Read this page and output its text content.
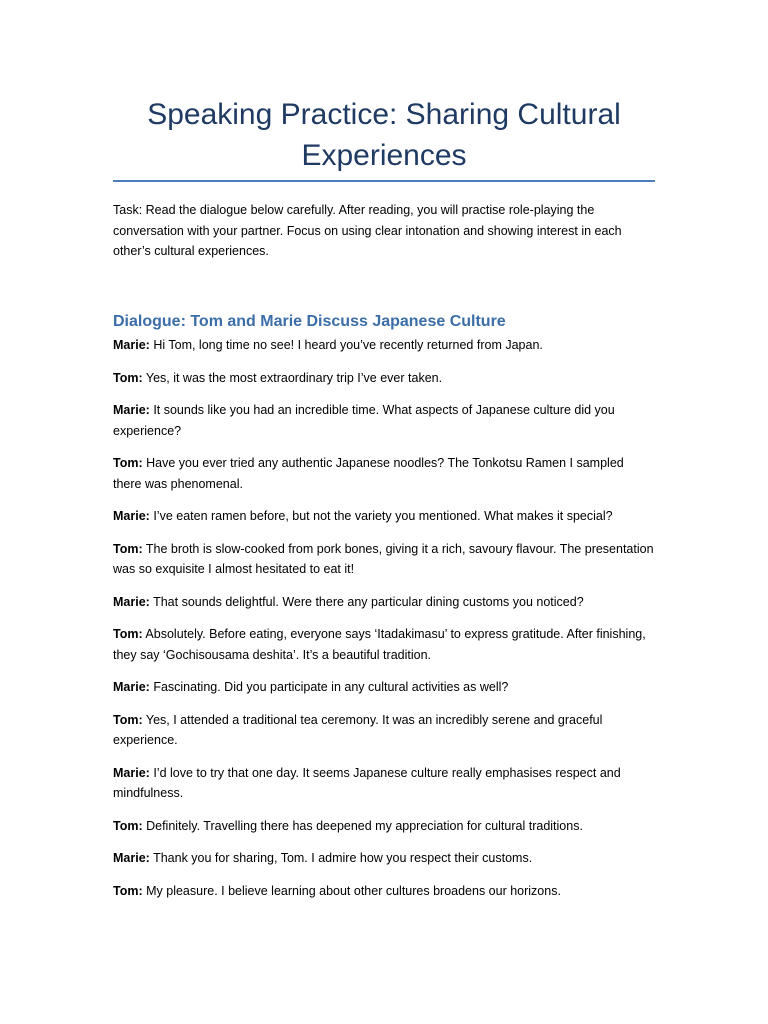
Speaking Practice: Sharing Cultural Experiences

Task: Read the dialogue below carefully. After reading, you will practise role-playing the conversation with your partner. Focus on using clear intonation and showing interest in each other’s cultural experiences.

Dialogue: Tom and Marie Discuss Japanese Culture
Marie: Hi Tom, long time no see! I heard you’ve recently returned from Japan.
Tom: Yes, it was the most extraordinary trip I’ve ever taken.
Marie: It sounds like you had an incredible time. What aspects of Japanese culture did you experience?
Tom: Have you ever tried any authentic Japanese noodles? The Tonkotsu Ramen I sampled there was phenomenal.
Marie: I’ve eaten ramen before, but not the variety you mentioned. What makes it special?
Tom: The broth is slow-cooked from pork bones, giving it a rich, savoury flavour. The presentation was so exquisite I almost hesitated to eat it!
Marie: That sounds delightful. Were there any particular dining customs you noticed?
Tom: Absolutely. Before eating, everyone says ‘Itadakimasu’ to express gratitude. After finishing, they say ‘Gochisousama deshita’. It’s a beautiful tradition.
Marie: Fascinating. Did you participate in any cultural activities as well?
Tom: Yes, I attended a traditional tea ceremony. It was an incredibly serene and graceful experience.
Marie: I’d love to try that one day. It seems Japanese culture really emphasises respect and mindfulness.
Tom: Definitely. Travelling there has deepened my appreciation for cultural traditions.
Marie: Thank you for sharing, Tom. I admire how you respect their customs.
Tom: My pleasure. I believe learning about other cultures broadens our horizons.
